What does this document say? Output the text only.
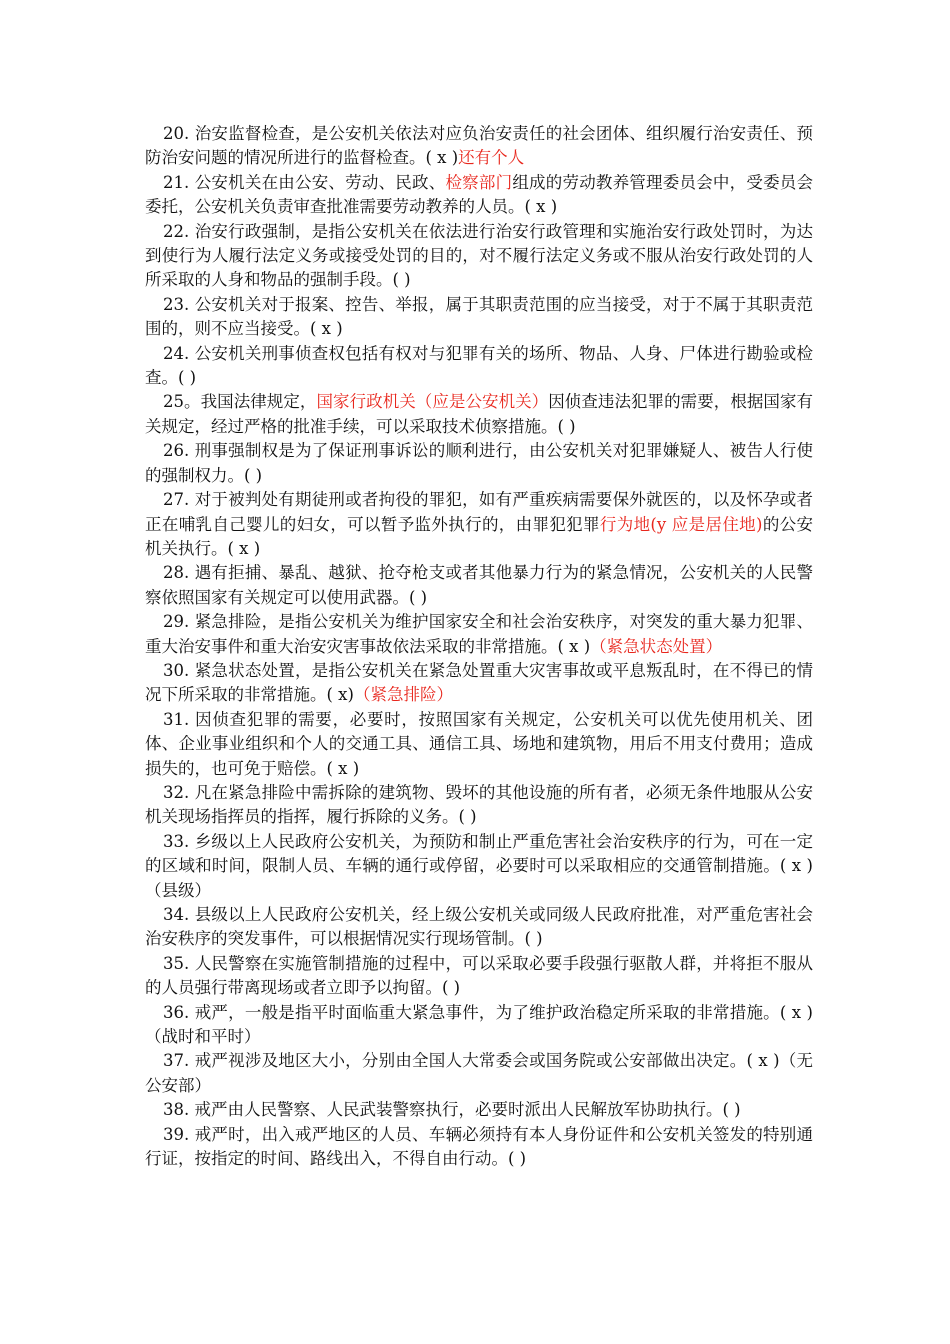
20. 治安监督检查，是公安机关依法对应负治安责任的社会团体、组织履行治安责任、预防治安问题的情况所进行的监督检查。( x )还有个人

21. 公安机关在由公安、劳动、民政、检察部门组成的劳动教养管理委员会中，受委员会委托，公安机关负责审查批准需要劳动教养的人员。( x )

22. 治安行政强制，是指公安机关在依法进行治安行政管理和实施治安行政处罚时，为达到使行为人履行法定义务或接受处罚的目的，对不履行法定义务或不服从治安行政处罚的人所采取的人身和物品的强制手段。( )

23. 公安机关对于报案、控告、举报，属于其职责范围的应当接受，对于不属于其职责范围的，则不应当接受。( x )

24. 公安机关刑事侦查权包括有权对与犯罪有关的场所、物品、人身、尸体进行勘验或检查。( )

25。我国法律规定，国家行政机关（应是公安机关）因侦查违法犯罪的需要，根据国家有关规定，经过严格的批准手续，可以采取技术侦察措施。( )

26. 刑事强制权是为了保证刑事诉讼的顺利进行，由公安机关对犯罪嫌疑人、被告人行使的强制权力。( )

27. 对于被判处有期徒刑或者拘役的罪犯，如有严重疾病需要保外就医的，以及怀孕或者正在哺乳自己婴儿的妇女，可以暂予监外执行的，由罪犯犯罪行为地(y 应是居住地)的公安机关执行。( x )

28. 遇有拒捕、暴乱、越狱、抢夺枪支或者其他暴力行为的紧急情况，公安机关的人民警察依照国家有关规定可以使用武器。( )

29. 紧急排险，是指公安机关为维护国家安全和社会治安秩序，对突发的重大暴力犯罪、重大治安事件和重大治安灾害事故依法采取的非常措施。( x )（紧急状态处置）

30. 紧急状态处置，是指公安机关在紧急处置重大灾害事故或平息叛乱时，在不得已的情况下所采取的非常措施。( x)（紧急排险）

31. 因侦查犯罪的需要，必要时，按照国家有关规定，公安机关可以优先使用机关、团体、企业事业组织和个人的交通工具、通信工具、场地和建筑物，用后不用支付费用；造成损失的，也可免于赔偿。( x )

32. 凡在紧急排险中需拆除的建筑物、毁坏的其他设施的所有者，必须无条件地服从公安机关现场指挥员的指挥，履行拆除的义务。( )

33. 乡级以上人民政府公安机关，为预防和制止严重危害社会治安秩序的行为，可在一定的区域和时间，限制人员、车辆的通行或停留，必要时可以采取相应的交通管制措施。( x ) （县级）

34. 县级以上人民政府公安机关，经上级公安机关或同级人民政府批准，对严重危害社会治安秩序的突发事件，可以根据情况实行现场管制。( )

35. 人民警察在实施管制措施的过程中，可以采取必要手段强行驱散人群，并将拒不服从的人员强行带离现场或者立即予以拘留。( )

36. 戒严，一般是指平时面临重大紧急事件，为了维护政治稳定所采取的非常措施。( x )（战时和平时）

37. 戒严视涉及地区大小，分别由全国人大常委会或国务院或公安部做出决定。( x )（无公安部）

38. 戒严由人民警察、人民武装警察执行，必要时派出人民解放军协助执行。( )

39. 戒严时，出入戒严地区的人员、车辆必须持有本人身份证件和公安机关签发的特别通行证，按指定的时间、路线出入，不得自由行动。( )
